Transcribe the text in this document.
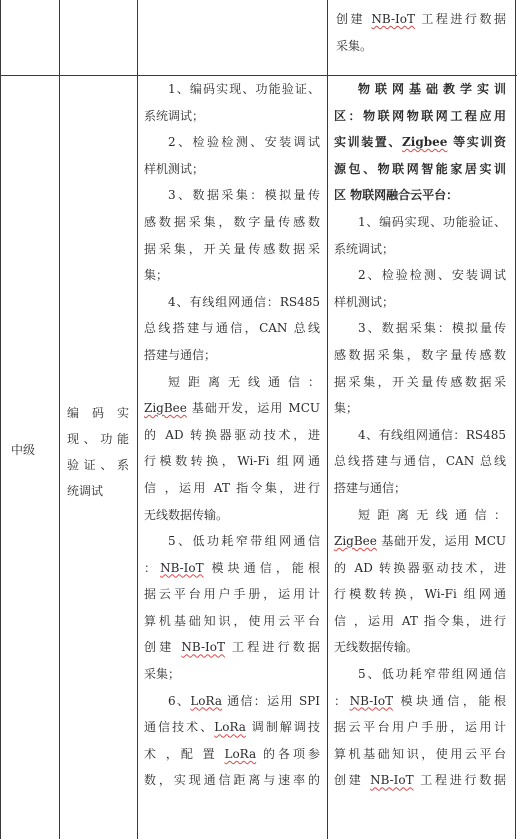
创建 NB-IoT 工程进行数据
采集。
中级
编 码 实
现、功能
验证、系
统调试
1、编码实现、功能验证、
系统调试；
2、检验检测、安装调试
样机测试；
3、数据采集：模拟量传
感数据采集，数字量传感数
据采集，开关量传感数据采
集；
4、有线组网通信：RS485
总线搭建与通信，CAN 总线
搭建与通信；
短 距 离 无 线 通 信 ：
ZigBee 基础开发，运用 MCU
的 AD 转换器驱动技术，进
行模数转换，Wi-Fi 组网通
信 ，运用 AT 指令集，进行
无线数据传输。
5、低功耗窄带组网通信
：NB-IoT 模块通信，能根
据云平台用户手册，运用计
算机基础知识，使用云平台
创建 NB-IoT 工程进行数据
采集；
6、LoRa 通信：运用 SPI
通信技术、LoRa 调制解调技
术 ，配 置 LoRa 的各项参
数，实现通信距离与速率的
物联网基础教学实训
区：物联网物联网工程应用
实训装置、Zigbee 等实训资
源包、物联网智能家居实训
区 物联网融合云平台：
1、编码实现、功能验证、
系统调试；
2、检验检测、安装调试
样机测试；
3、数据采集：模拟量传
感数据采集，数字量传感数
据采集，开关量传感数据采
集；
4、有线组网通信：RS485
总线搭建与通信，CAN 总线
搭建与通信；
短 距 离 无 线 通 信 ：
ZigBee 基础开发，运用 MCU
的 AD 转换器驱动技术，进
行模数转换，Wi-Fi 组网通
信 ，运用 AT 指令集，进行
无线数据传输。
5、低功耗窄带组网通信
：NB-IoT 模块通信，能根
据云平台用户手册，运用计
算机基础知识，使用云平台
创建 NB-IoT 工程进行数据
